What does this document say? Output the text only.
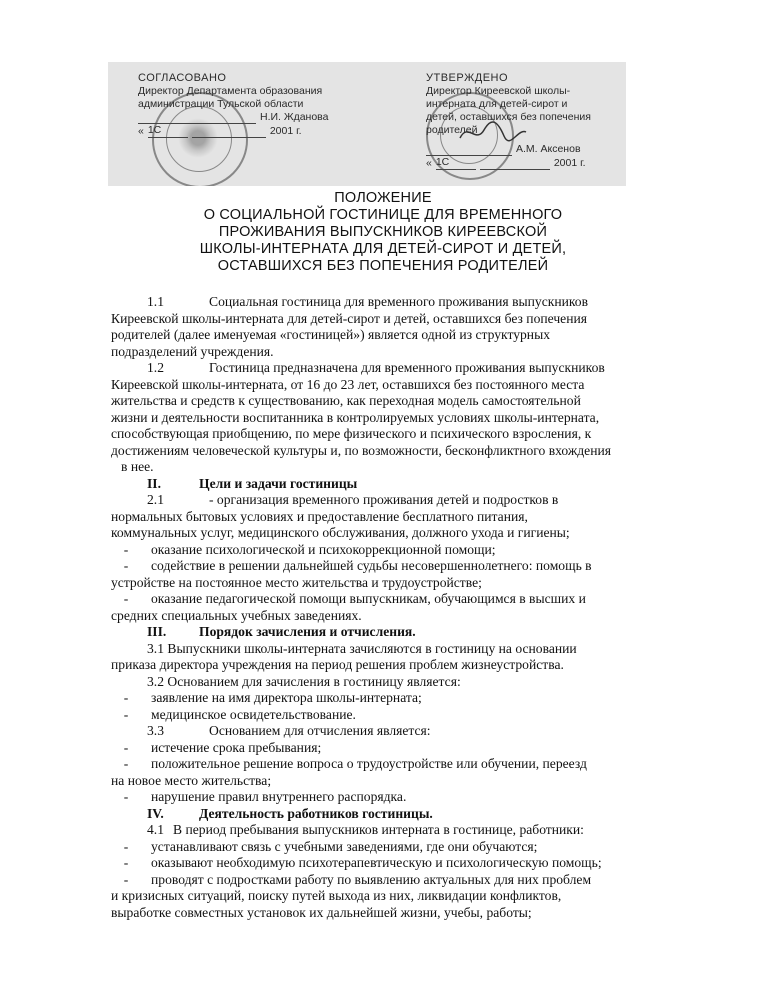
СОГЛАСОВАНО
Директор Департамента образования
администрации Тульской области
Н.И. Жданова
« 1С	2001 г.
УТВЕРЖДЕНО
Директор Киреевской школы-
интерната для детей-сирот и
детей, оставшихся без попечения
родителей
А.М. Аксенов
« 1С	2001 г.
ПОЛОЖЕНИЕ
О СОЦИАЛЬНОЙ ГОСТИНИЦЕ ДЛЯ ВРЕМЕННОГО
ПРОЖИВАНИЯ ВЫПУСКНИКОВ КИРЕЕВСКОЙ
ШКОЛЫ-ИНТЕРНАТА ДЛЯ ДЕТЕЙ-СИРОТ И ДЕТЕЙ,
ОСТАВШИХСЯ БЕЗ ПОПЕЧЕНИЯ РОДИТЕЛЕЙ
1.1	Социальная гостиница для временного проживания выпускников
Киреевской школы-интерната для детей-сирот и детей, оставшихся без попечения
родителей (далее именуемая «гостиницей») является одной из структурных
подразделений учреждения.
1.2	Гостиница предназначена для временного проживания выпускников
Киреевской школы-интерната, от 16 до 23 лет, оставшихся без постоянного места
жительства и средств к существованию, как переходная модель самостоятельной
жизни и деятельности воспитанника в контролируемых условиях школы-интерната,
способствующая приобщению, по мере физического и психического взросления, к
достижениям человеческой культуры и, по возможности, бесконфликтного вхождения
в нее.
II.	Цели и задачи гостиницы
2.1	- организация временного проживания детей и подростков в
нормальных бытовых условиях и предоставление бесплатного питания,
коммунальных услуг, медицинского обслуживания, должного ухода и гигиены;
- оказание психологической и психокоррекционной помощи;
- содействие в решении дальнейшей судьбы несовершеннолетнего: помощь в
устройстве на постоянное место жительства и трудоустройстве;
- оказание педагогической помощи выпускникам, обучающимся в высших и
средних специальных учебных заведениях.
III. Порядок зачисления и отчисления.
3.1 Выпускники школы-интерната зачисляются в гостиницу на основании
приказа директора учреждения на период решения проблем жизнеустройства.
3.2 Основанием для зачисления в гостиницу является:
- заявление на имя директора школы-интерната;
- медицинское освидетельствование.
3.3	Основанием для отчисления является:
- истечение срока пребывания;
- положительное решение вопроса о трудоустройстве или обучении, переезд
на новое место жительства;
- нарушение правил внутреннего распорядка.
IV.	Деятельность работников гостиницы.
4.1 В период пребывания выпускников интерната в гостинице, работники:
- устанавливают связь с учебными заведениями, где они обучаются;
- оказывают необходимую психотерапевтическую и психологическую помощь;
- проводят с подростками работу по выявлению актуальных для них проблем
и кризисных ситуаций, поиску путей выхода из них, ликвидации конфликтов,
выработке совместных установок их дальнейшей жизни, учебы, работы;
